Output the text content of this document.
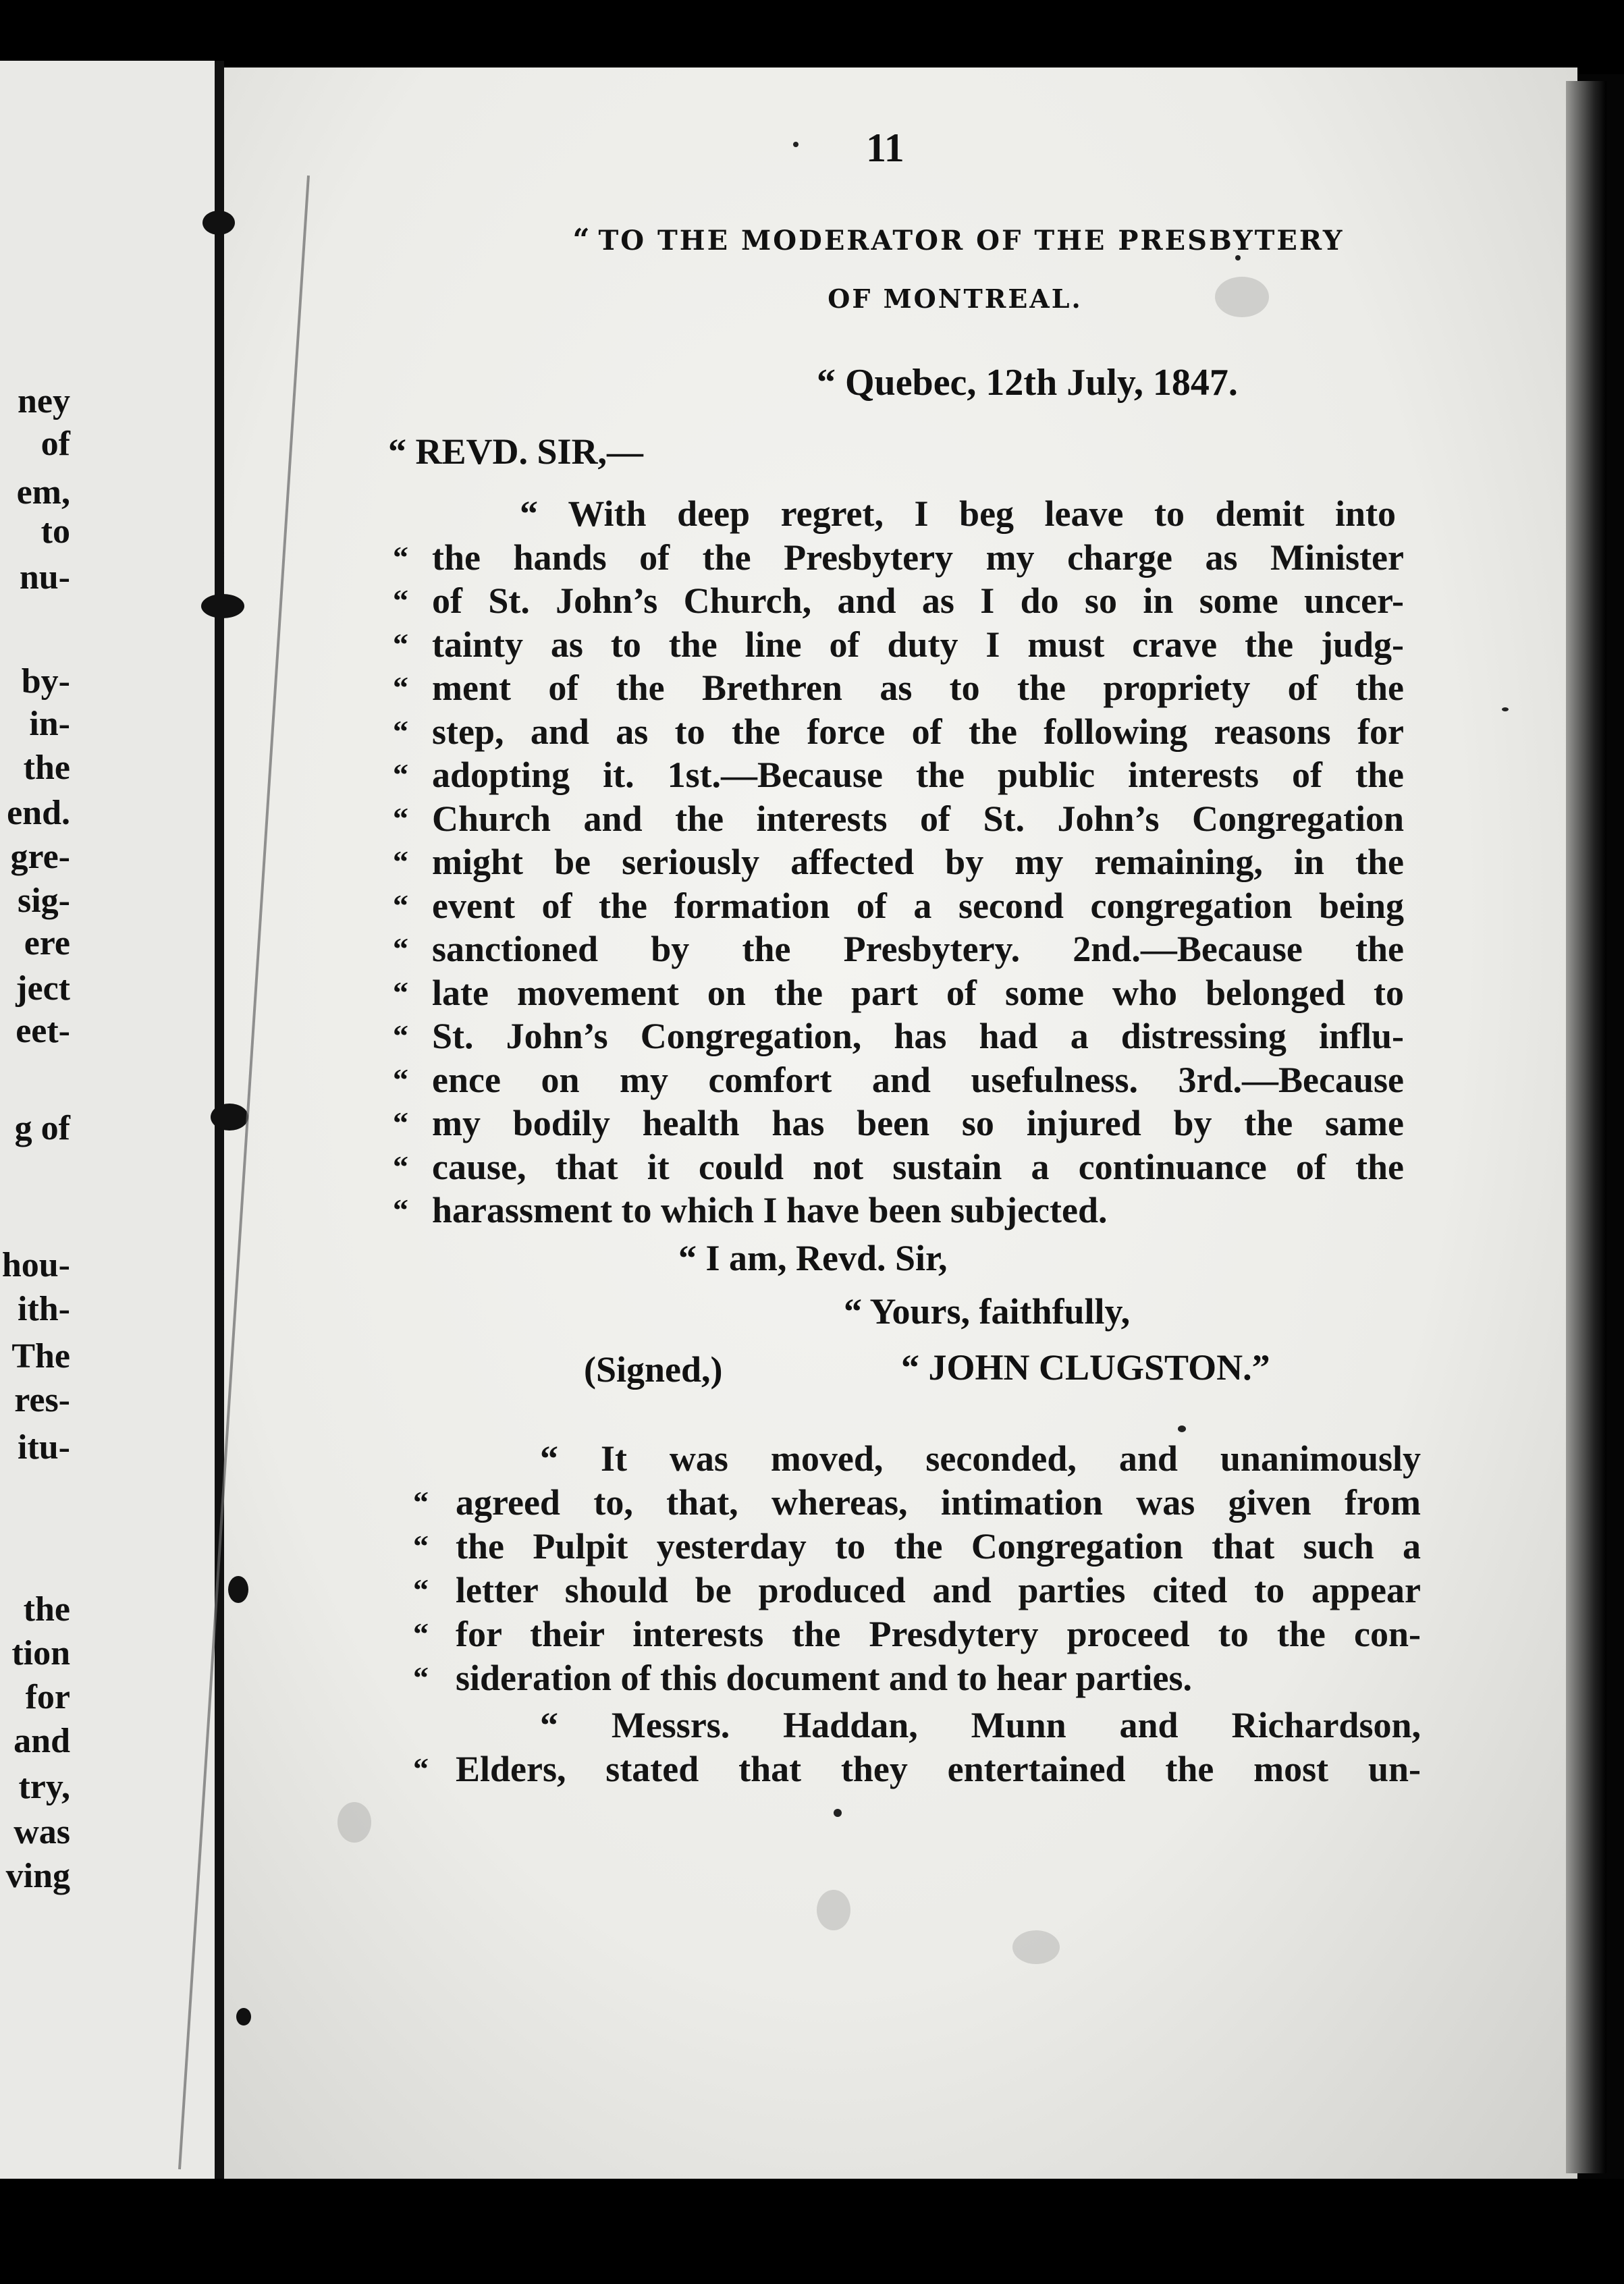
ney
of
em,
to
nu-
by-
in-
the
end.
gre-
sig-
ere
ject
eet-
g of
hou-
ith-
The
res-
itu-
the
tion
for
and
try,
was
ving
11
“ TO THE MODERATOR OF THE PRESBYTERY
OF MONTREAL.
“ Quebec, 12th July, 1847.
“ REVD. SIR,—
“ With deep regret, I beg leave to demit into
the hands of the Presbytery my charge as Minister
“
of St. John’s Church, and as I do so in some uncer-
“
tainty as to the line of duty I must crave the judg-
“
ment of the Brethren as to the propriety of the
“
step, and as to the force of the following reasons for
“
adopting it. 1st.—Because the public interests of the
“
Church and the interests of St. John’s Congregation
“
might be seriously affected by my remaining, in the
“
event of the formation of a second congregation being
“
sanctioned by the Presbytery. 2nd.—Because the
“
late movement on the part of some who belonged to
“
St. John’s Congregation, has had a distressing influ-
“
ence on my comfort and usefulness. 3rd.—Because
“
my bodily health has been so injured by the same
“
cause, that it could not sustain a continuance of the
“
harassment to which I have been subjected.
“
“ I am, Revd. Sir,
“ Yours, faithfully,
(Signed,)	“ JOHN CLUGSTON.”
“ It was moved, seconded, and unanimously
agreed to, that, whereas, intimation was given from
“
the Pulpit yesterday to the Congregation that such a
“
letter should be produced and parties cited to appear
“
for their interests the Presdytery proceed to the con-
“
sideration of this document and to hear parties.
“
“ Messrs. Haddan, Munn and Richardson,
Elders, stated that they entertained the most un-
“
